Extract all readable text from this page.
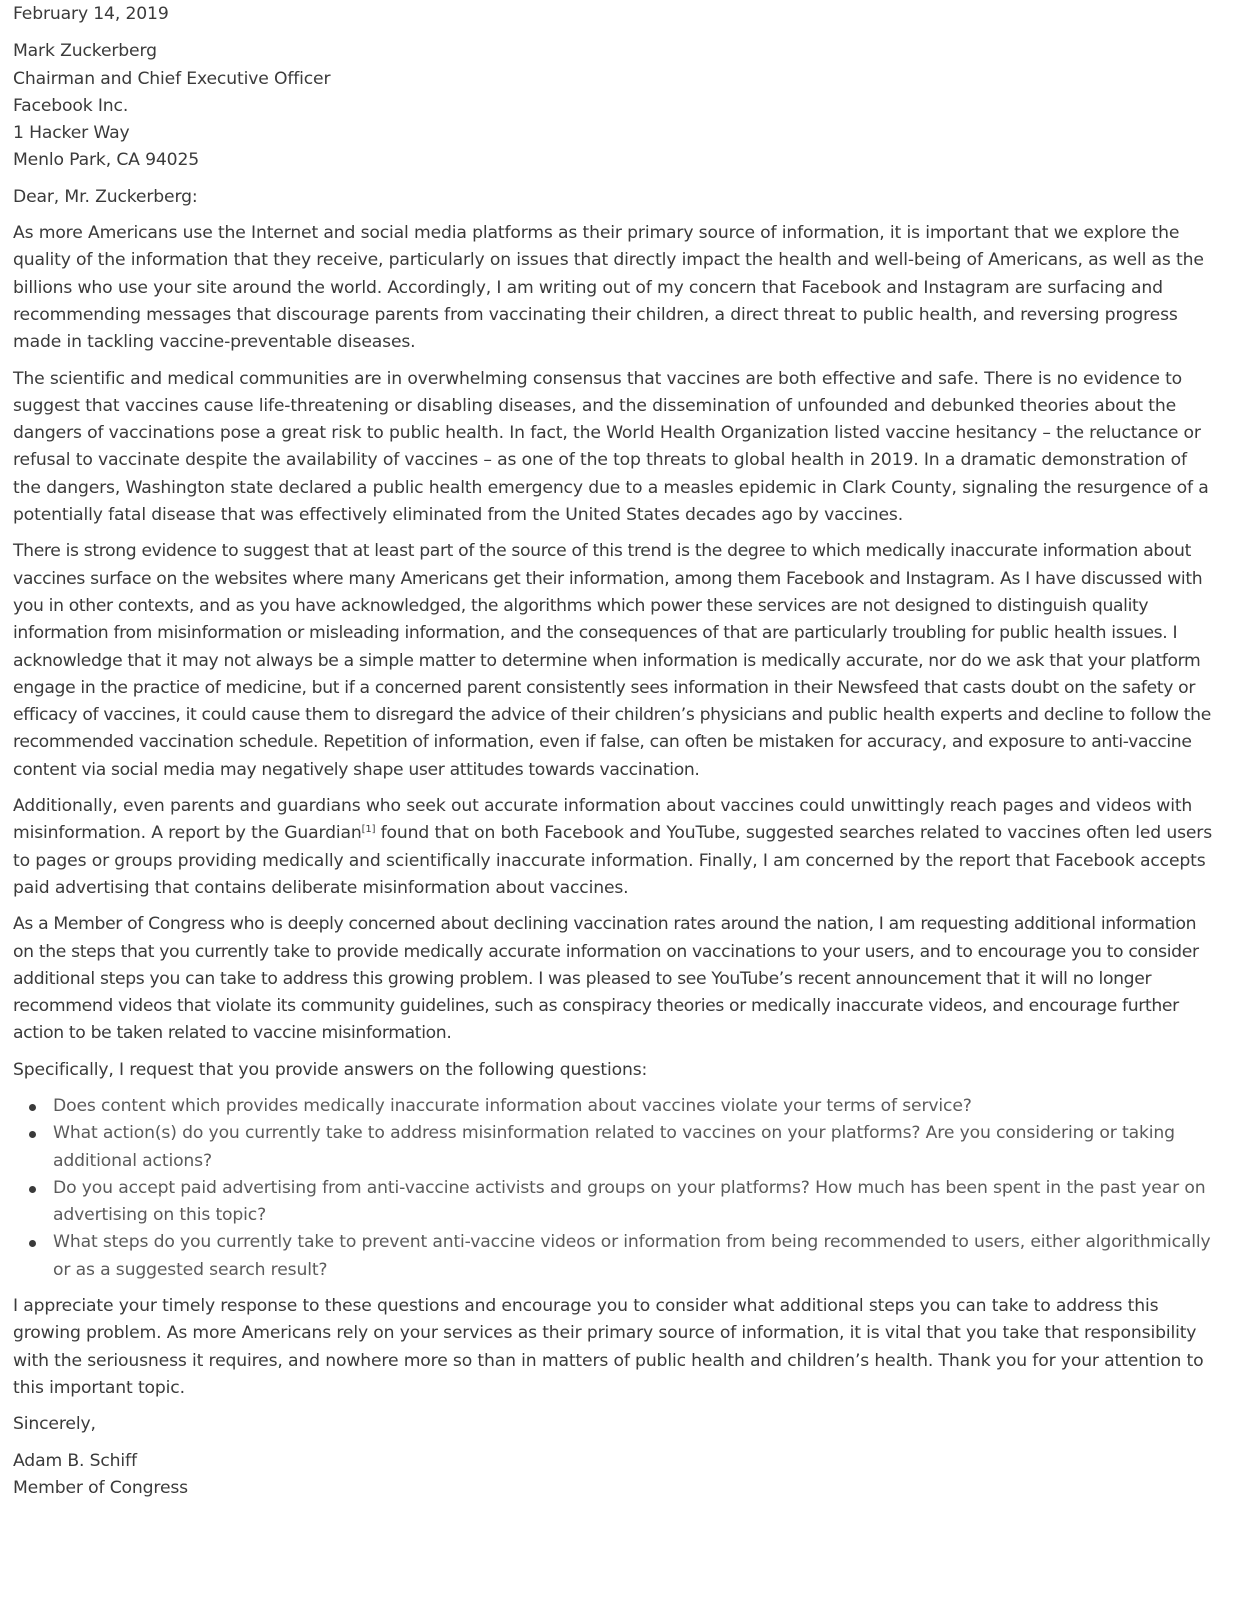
February 14, 2019
Mark Zuckerberg
Chairman and Chief Executive Officer
Facebook Inc.
1 Hacker Way
Menlo Park, CA 94025
Dear, Mr. Zuckerberg:

As more Americans use the Internet and social media platforms as their primary source of information, it is important that we explore the quality of the information that they receive, particularly on issues that directly impact the health and well-being of Americans, as well as the billions who use your site around the world. Accordingly, I am writing out of my concern that Facebook and Instagram are surfacing and recommending messages that discourage parents from vaccinating their children, a direct threat to public health, and reversing progress made in tackling vaccine-preventable diseases.

The scientific and medical communities are in overwhelming consensus that vaccines are both effective and safe. There is no evidence to suggest that vaccines cause life-threatening or disabling diseases, and the dissemination of unfounded and debunked theories about the dangers of vaccinations pose a great risk to public health. In fact, the World Health Organization listed vaccine hesitancy – the reluctance or refusal to vaccinate despite the availability of vaccines – as one of the top threats to global health in 2019. In a dramatic demonstration of the dangers, Washington state declared a public health emergency due to a measles epidemic in Clark County, signaling the resurgence of a potentially fatal disease that was effectively eliminated from the United States decades ago by vaccines.

There is strong evidence to suggest that at least part of the source of this trend is the degree to which medically inaccurate information about vaccines surface on the websites where many Americans get their information, among them Facebook and Instagram. As I have discussed with you in other contexts, and as you have acknowledged, the algorithms which power these services are not designed to distinguish quality information from misinformation or misleading information, and the consequences of that are particularly troubling for public health issues. I acknowledge that it may not always be a simple matter to determine when information is medically accurate, nor do we ask that your platform engage in the practice of medicine, but if a concerned parent consistently sees information in their Newsfeed that casts doubt on the safety or efficacy of vaccines, it could cause them to disregard the advice of their children’s physicians and public health experts and decline to follow the recommended vaccination schedule. Repetition of information, even if false, can often be mistaken for accuracy, and exposure to anti-vaccine content via social media may negatively shape user attitudes towards vaccination.

Additionally, even parents and guardians who seek out accurate information about vaccines could unwittingly reach pages and videos with misinformation. A report by the Guardian[1] found that on both Facebook and YouTube, suggested searches related to vaccines often led users to pages or groups providing medically and scientifically inaccurate information. Finally, I am concerned by the report that Facebook accepts paid advertising that contains deliberate misinformation about vaccines.

As a Member of Congress who is deeply concerned about declining vaccination rates around the nation, I am requesting additional information on the steps that you currently take to provide medically accurate information on vaccinations to your users, and to encourage you to consider additional steps you can take to address this growing problem. I was pleased to see YouTube’s recent announcement that it will no longer recommend videos that violate its community guidelines, such as conspiracy theories or medically inaccurate videos, and encourage further action to be taken related to vaccine misinformation.

Specifically, I request that you provide answers on the following questions:

Does content which provides medically inaccurate information about vaccines violate your terms of service?
What action(s) do you currently take to address misinformation related to vaccines on your platforms? Are you considering or taking additional actions?
Do you accept paid advertising from anti-vaccine activists and groups on your platforms? How much has been spent in the past year on advertising on this topic?
What steps do you currently take to prevent anti-vaccine videos or information from being recommended to users, either algorithmically or as a suggested search result?

I appreciate your timely response to these questions and encourage you to consider what additional steps you can take to address this growing problem. As more Americans rely on your services as their primary source of information, it is vital that you take that responsibility with the seriousness it requires, and nowhere more so than in matters of public health and children’s health. Thank you for your attention to this important topic.

Sincerely,
Adam B. Schiff
Member of Congress
